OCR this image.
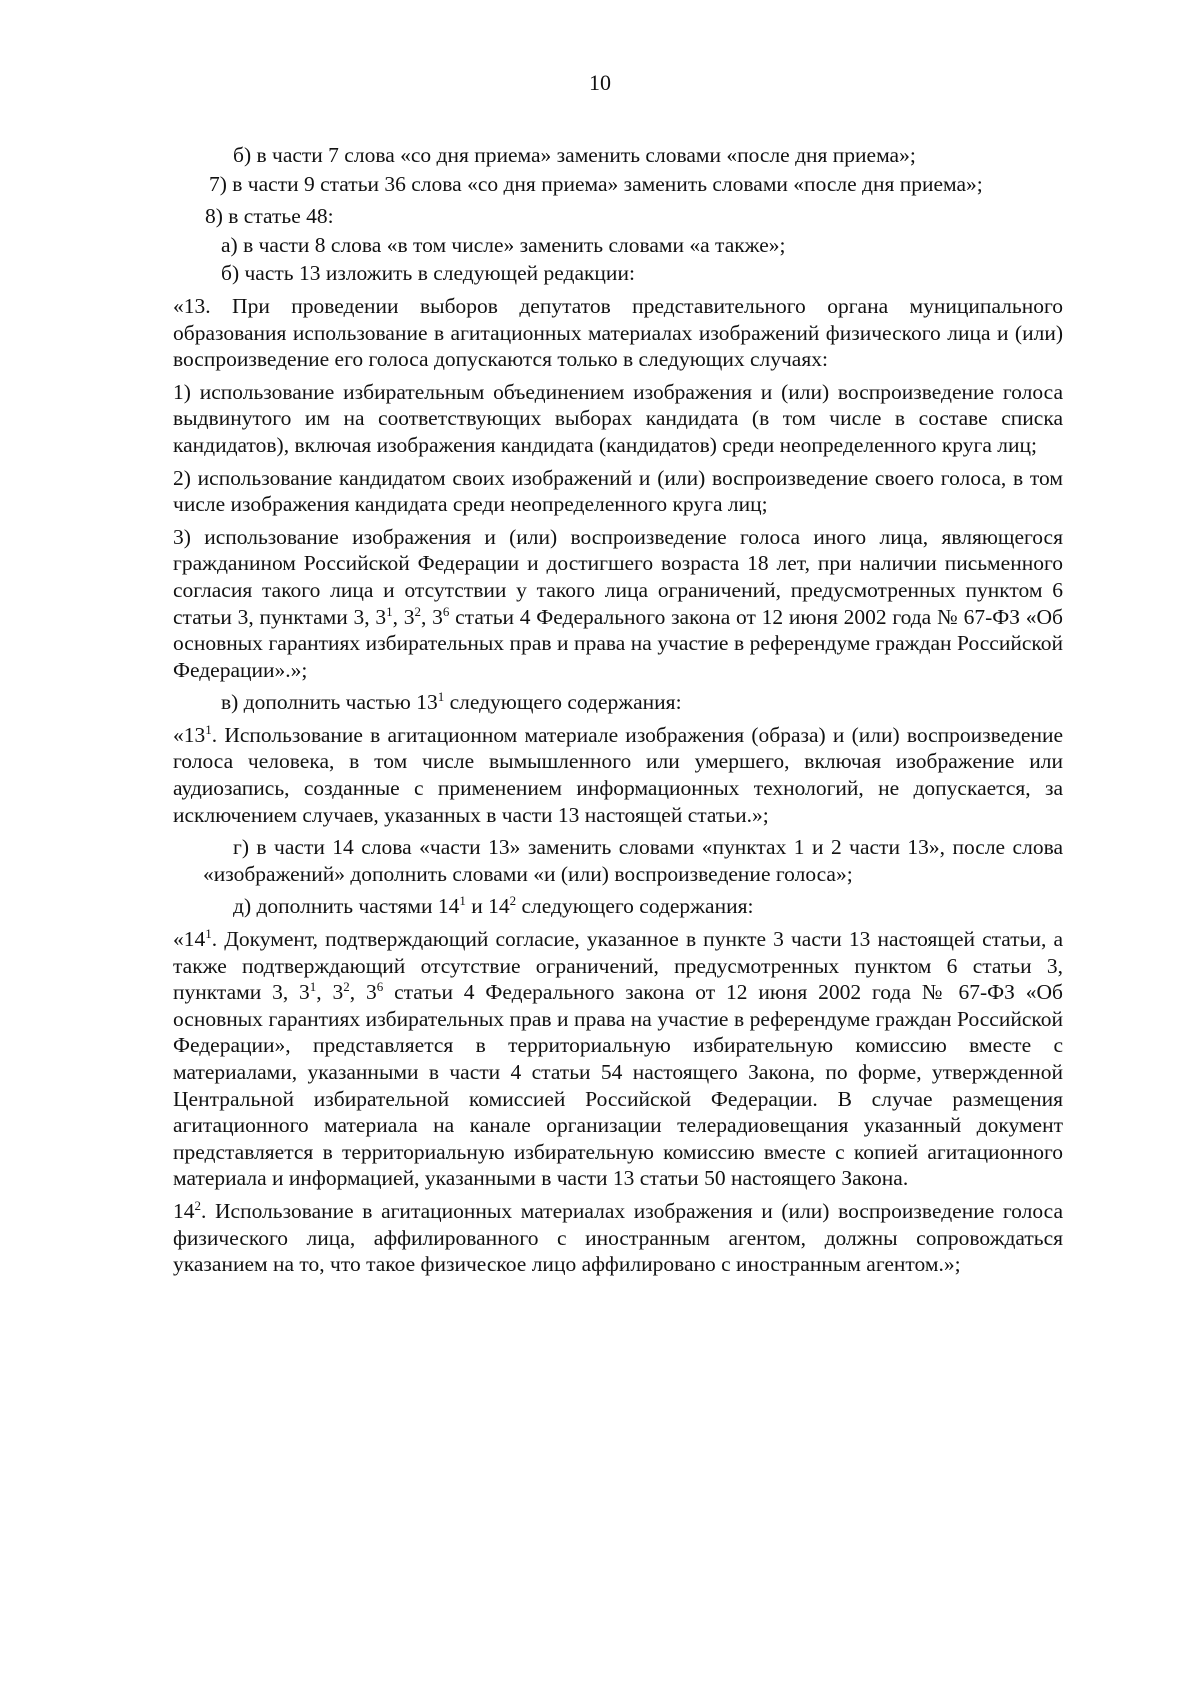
10

б) в части 7 слова «со дня приема» заменить словами «после дня приема»;

7) в части 9 статьи 36 слова «со дня приема» заменить словами «после дня приема»;

8) в статье 48:

а) в части 8 слова «в том числе» заменить словами «а также»;

б) часть 13 изложить в следующей редакции:

«13. При проведении выборов депутатов представительного органа муниципального образования использование в агитационных материалах изображений физического лица и (или) воспроизведение его голоса допускаются только в следующих случаях:

1) использование избирательным объединением изображения и (или) воспроизведение голоса выдвинутого им на соответствующих выборах кандидата (в том числе в составе списка кандидатов), включая изображения кандидата (кандидатов) среди неопределенного круга лиц;

2) использование кандидатом своих изображений и (или) воспроизведение своего голоса, в том числе изображения кандидата среди неопределенного круга лиц;

3) использование изображения и (или) воспроизведение голоса иного лица, являющегося гражданином Российской Федерации и достигшего возраста 18 лет, при наличии письменного согласия такого лица и отсутствии у такого лица ограничений, предусмотренных пунктом 6 статьи 3, пунктами 3, $3^1$, $3^2$, $3^6$ статьи 4 Федерального закона от 12 июня 2002 года № 67-ФЗ «Об основных гарантиях избирательных прав и права на участие в референдуме граждан Российской Федерации».»;

в) дополнить частью $13^1$ следующего содержания:

«$13^1$. Использование в агитационном материале изображения (образа) и (или) воспроизведение голоса человека, в том числе вымышленного или умершего, включая изображение или аудиозапись, созданные с применением информационных технологий, не допускается, за исключением случаев, указанных в части 13 настоящей статьи.»;

г) в части 14 слова «части 13» заменить словами «пунктах 1 и 2 части 13», после слова «изображений» дополнить словами «и (или) воспроизведение голоса»;

д) дополнить частями $14^1$ и $14^2$ следующего содержания:

«$14^1$. Документ, подтверждающий согласие, указанное в пункте 3 части 13 настоящей статьи, а также подтверждающий отсутствие ограничений, предусмотренных пунктом 6 статьи 3, пунктами 3, $3^1$, $3^2$, $3^6$ статьи 4 Федерального закона от 12 июня 2002 года № 67-ФЗ «Об основных гарантиях избирательных прав и права на участие в референдуме граждан Российской Федерации», представляется в территориальную избирательную комиссию вместе с материалами, указанными в части 4 статьи 54 настоящего Закона, по форме, утвержденной Центральной избирательной комиссией Российской Федерации. В случае размещения агитационного материала на канале организации телерадиовещания указанный документ представляется в территориальную избирательную комиссию вместе с копией агитационного материала и информацией, указанными в части 13 статьи 50 настоящего Закона.

$14^2$. Использование в агитационных материалах изображения и (или) воспроизведение голоса физического лица, аффилированного с иностранным агентом, должны сопровождаться указанием на то, что такое физическое лицо аффилировано с иностранным агентом.»;
